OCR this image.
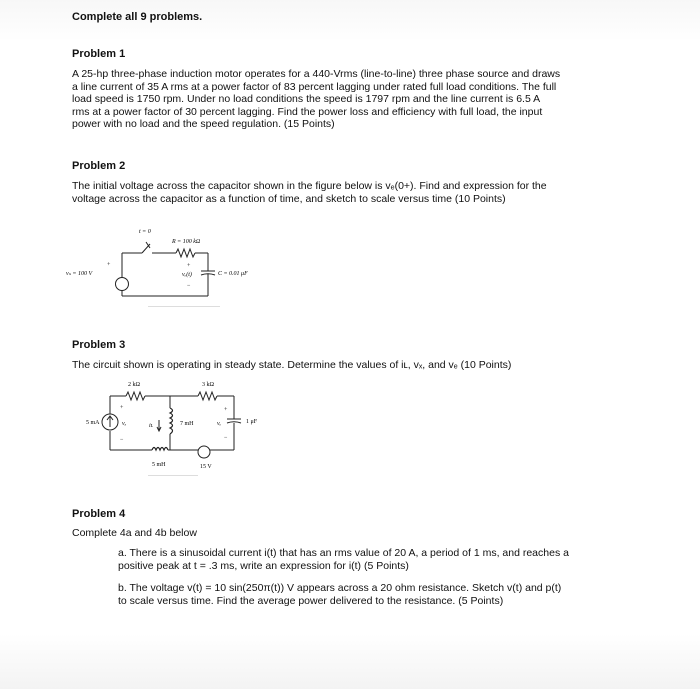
Complete all 9 problems.
Problem 1
A 25-hp three-phase induction motor operates for a 440-Vrms (line-to-line) three phase source and draws
a line current of 35 A rms at a power factor of 83 percent lagging under rated full load conditions. The full
load speed is 1750 rpm. Under no load conditions the speed is 1797 rpm and the line current is 6.5 A
rms at a power factor of 30 percent lagging. Find the power loss and efficiency with full load, the input
power with no load and the speed regulation. (15 Points)
Problem 2
The initial voltage across the capacitor shown in the figure below is vₑ(0+). Find and expression for the
voltage across the capacitor as a function of time, and sketch to scale versus time (10 Points)
t = 0
R = 100 kΩ
vₛ = 100 V
+	+
vₑ(t)
−
C = 0.01 μF
Problem 3
The circuit shown is operating in steady state. Determine the values of iʟ, vₓ, and vₑ (10 Points)
2 kΩ	3 kΩ
5 mA
+
vₓ
−
iʟ	7 mH
+
vₑ
−
1 μF
5 mH	15 V
Problem 4
Complete 4a and 4b below
a. There is a sinusoidal current i(t) that has an rms value of 20 A, a period of 1 ms, and reaches a
positive peak at t = .3 ms, write an expression for i(t) (5 Points)
b. The voltage v(t) = 10 sin(250π(t)) V appears across a 20 ohm resistance. Sketch v(t) and p(t)
to scale versus time. Find the average power delivered to the resistance. (5 Points)
